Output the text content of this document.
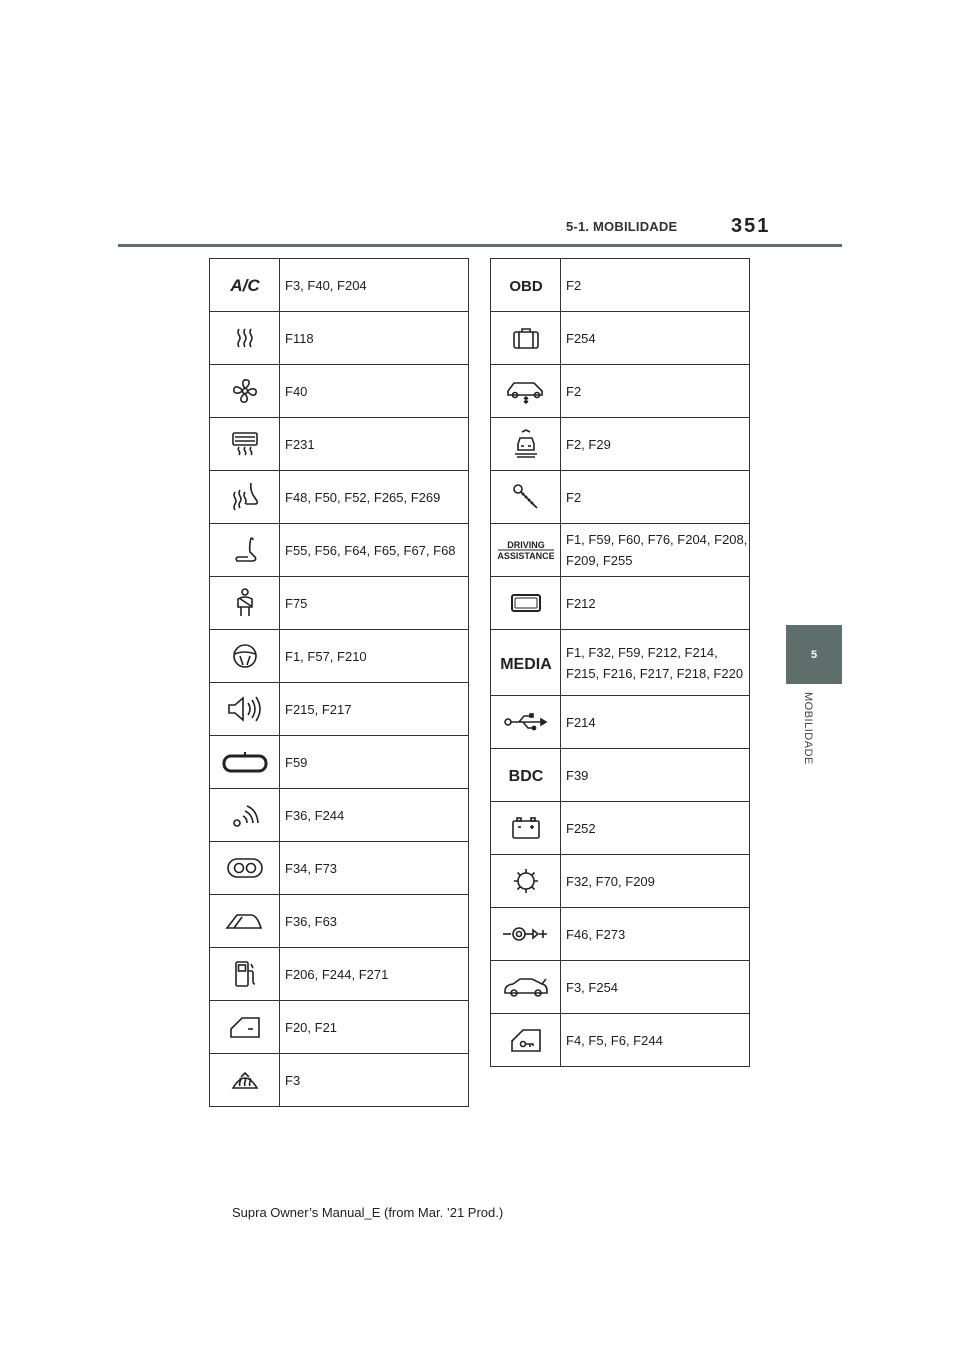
5-1. MOBILIDADE	351
5
MOBILIDADE
A/C	F3, F40, F204
	F118
	F40
	F231
	F48, F50, F52, F265, F269
	F55, F56, F64, F65, F67, F68
	F75
	F1, F57, F210
	F215, F217
	F59
	F36, F244
	F34, F73
	F36, F63
	F206, F244, F271
	F20, F21
	F3
OBD	F2
	F254
	F2
	F2, F29
	F2

DRIVING ASSISTANCE	F1, F59, F60, F76, F204, F208, F209, F255
	F212

MEDIA	F1, F32, F59, F212, F214, F215, F216, F217, F218, F220
	F214

BDC	F39
	F252
	F32, F70, F209
	F46, F273
	F3, F254
	F4, F5, F6, F244
Supra Owner’s Manual_E (from Mar. ’21 Prod.)
